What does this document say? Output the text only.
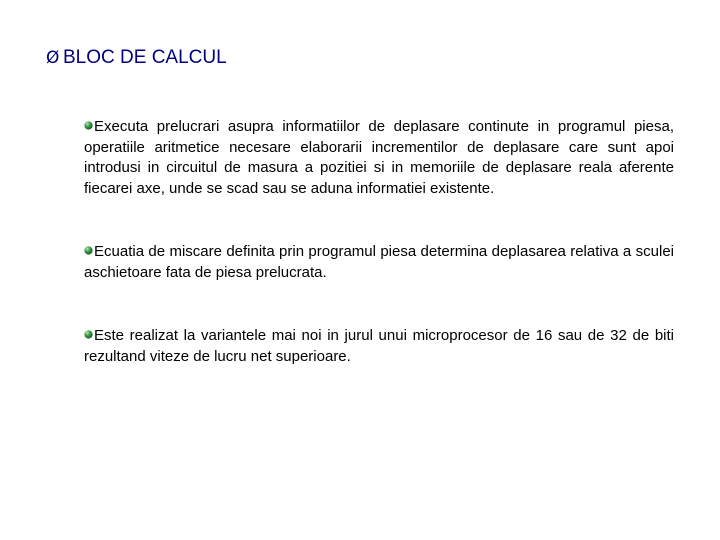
Ø BLOC DE CALCUL

Executa prelucrari asupra informatiilor de deplasare continute in programul piesa, operatiile aritmetice necesare elaborarii incrementilor de deplasare care sunt apoi introdusi in circuitul de masura a pozitiei si in memoriile de deplasare reala aferente fiecarei axe, unde se scad sau se aduna informatiei existente.

Ecuatia de miscare definita prin programul piesa determina deplasarea relativa a sculei aschietoare fata de piesa prelucrata.

Este realizat la variantele mai noi in jurul unui microprocesor de 16 sau de 32 de biti rezultand viteze de lucru net superioare.
